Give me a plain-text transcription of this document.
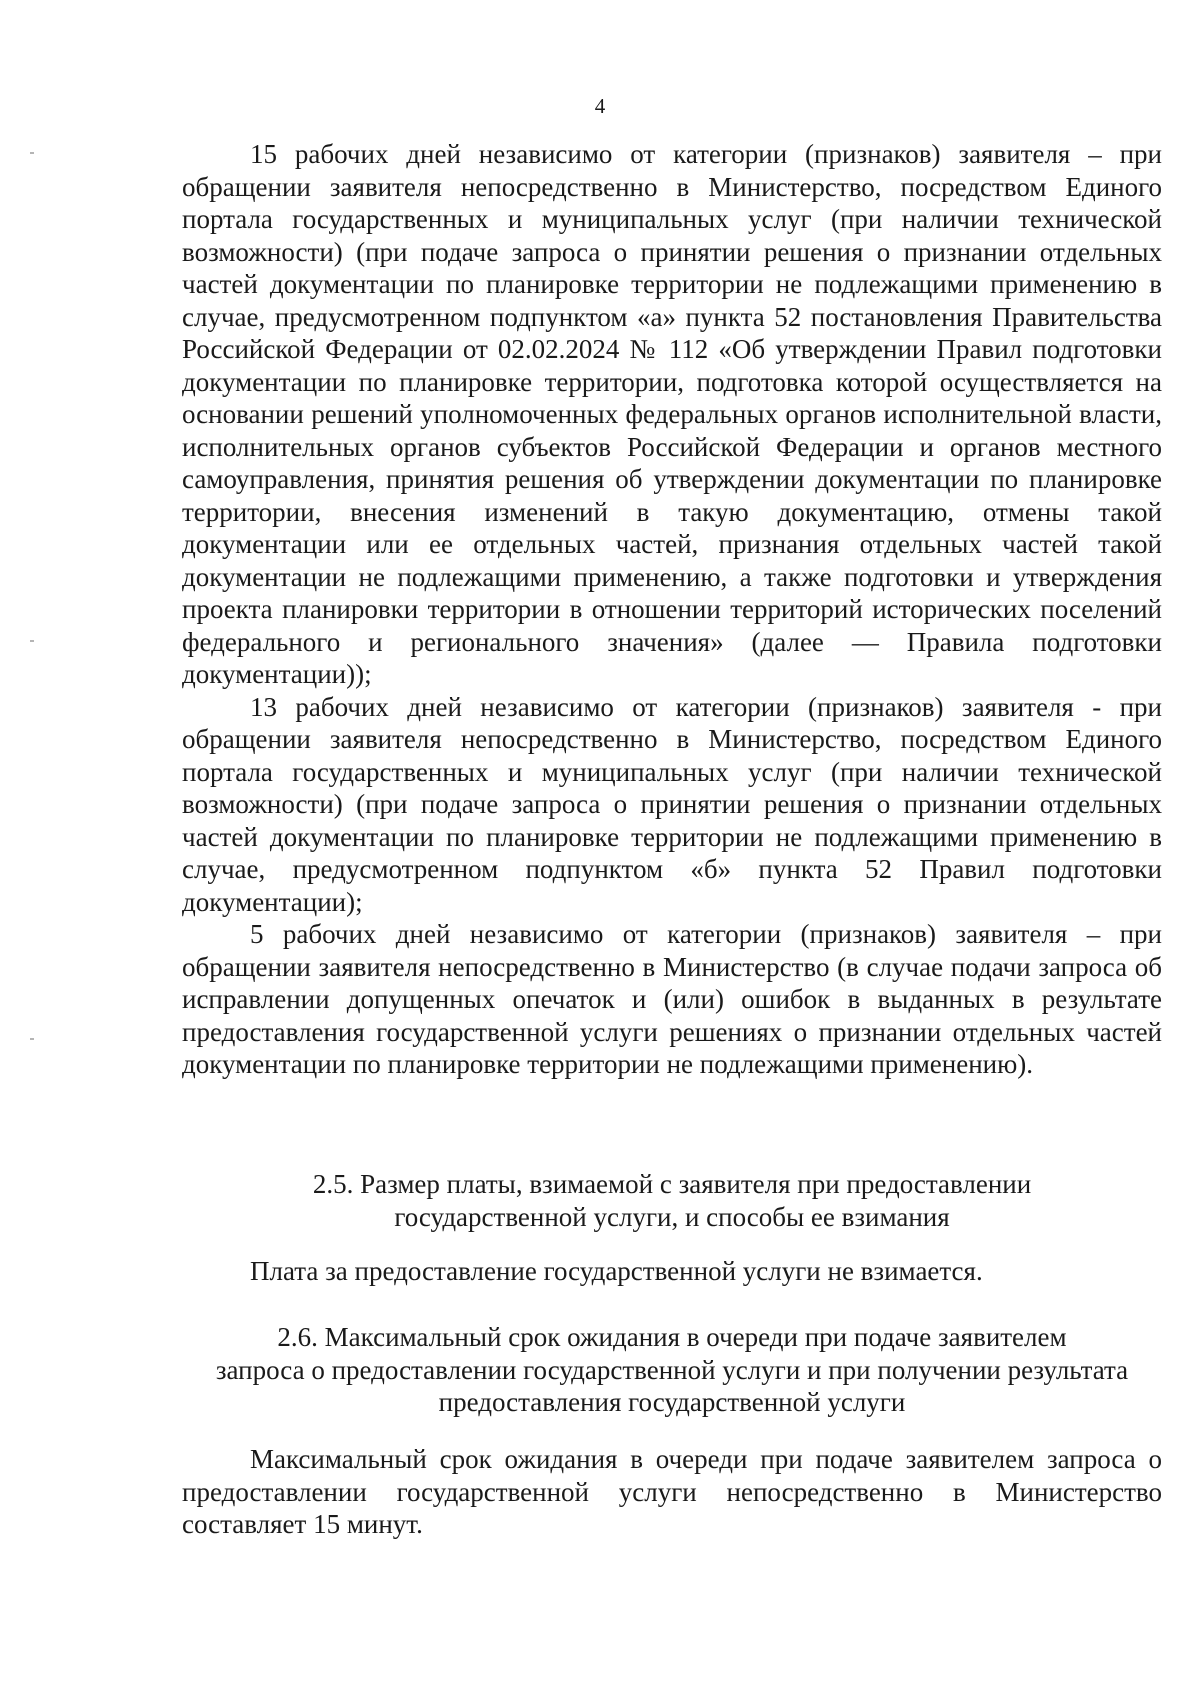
4

15 рабочих дней независимо от категории (признаков) заявителя – при обращении заявителя непосредственно в Министерство, посредством Единого портала государственных и муниципальных услуг (при наличии технической возможности) (при подаче запроса о принятии решения о признании отдельных частей документации по планировке территории не подлежащими применению в случае, предусмотренном подпунктом «а» пункта 52 постановления Правительства Российской Федерации от 02.02.2024 № 112 «Об утверждении Правил подготовки документации по планировке территории, подготовка которой осуществляется на основании решений уполномоченных федеральных органов исполнительной власти, исполнительных органов субъектов Российской Федерации и органов местного самоуправления, принятия решения об утверждении документации по планировке территории, внесения изменений в такую документацию, отмены такой документации или ее отдельных частей, признания отдельных частей такой документации не подлежащими применению, а также подготовки и утверждения проекта планировки территории в отношении территорий исторических поселений федерального и регионального значения» (далее — Правила подготовки документации));

13 рабочих дней независимо от категории (признаков) заявителя - при обращении заявителя непосредственно в Министерство, посредством Единого портала государственных и муниципальных услуг (при наличии технической возможности) (при подаче запроса о принятии решения о признании отдельных частей документации по планировке территории не подлежащими применению в случае, предусмотренном подпунктом «б» пункта 52 Правил подготовки документации);

5 рабочих дней независимо от категории (признаков) заявителя – при обращении заявителя непосредственно в Министерство (в случае подачи запроса об исправлении допущенных опечаток и (или) ошибок в выданных в результате предоставления государственной услуги решениях о признании отдельных частей документации по планировке территории не подлежащими применению).

2.5. Размер платы, взимаемой с заявителя при предоставлении
государственной услуги, и способы ее взимания

Плата за предоставление государственной услуги не взимается.

2.6. Максимальный срок ожидания в очереди при подаче заявителем
запроса о предоставлении государственной услуги и при получении результата
предоставления государственной услуги

Максимальный срок ожидания в очереди при подаче заявителем запроса о предоставлении государственной услуги непосредственно в Министерство составляет 15 минут.
